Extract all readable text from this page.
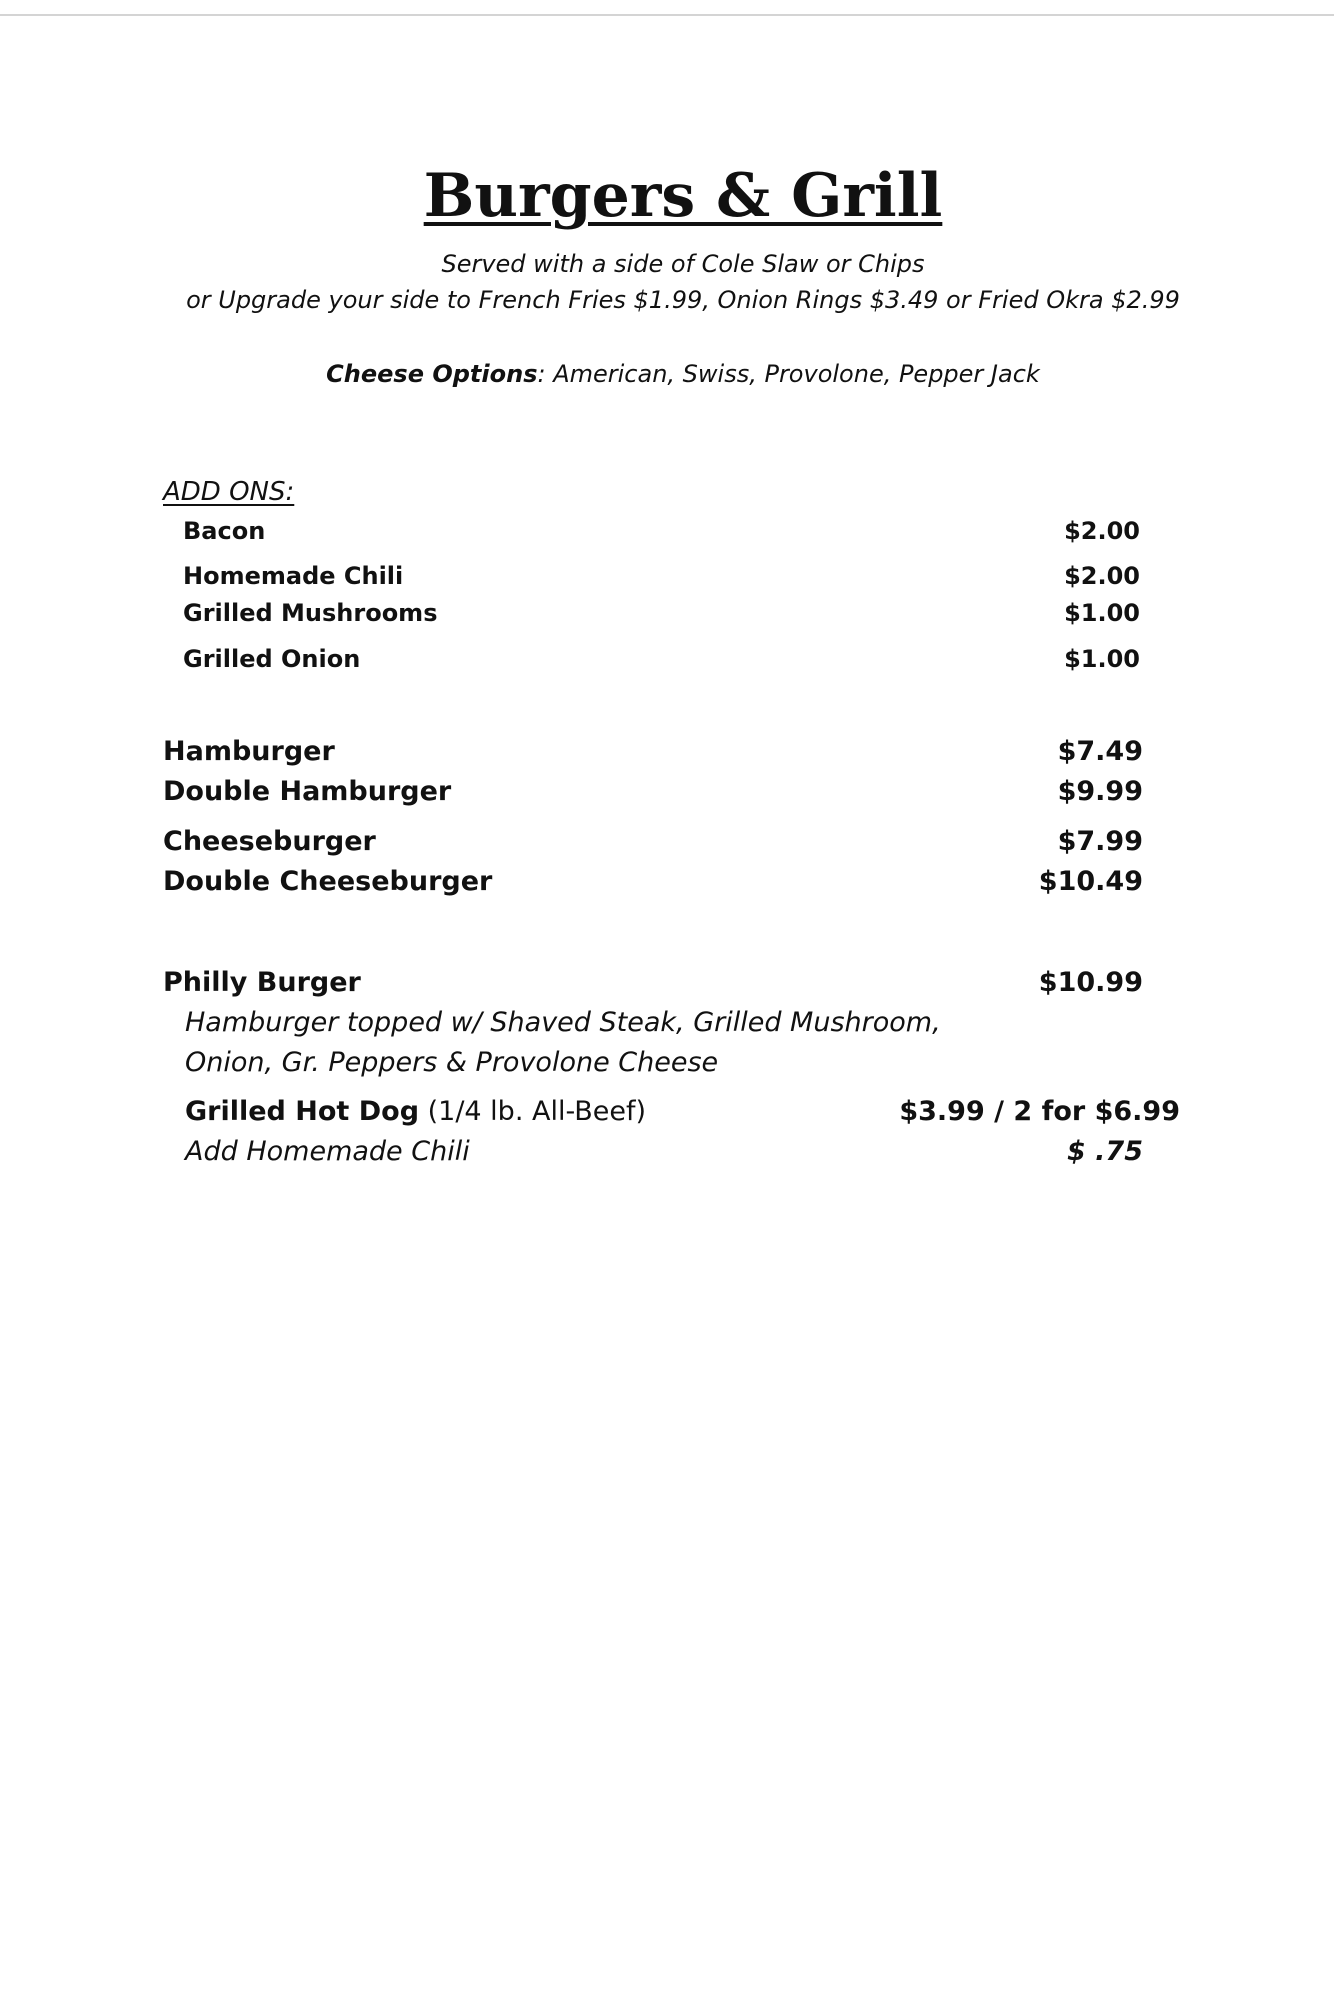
Burgers & Grill
Served with a side of Cole Slaw or Chips
or Upgrade your side to French Fries $1.99, Onion Rings $3.49 or Fried Okra $2.99
Cheese Options: American, Swiss, Provolone, Pepper Jack
ADD ONS:
Bacon	$2.00
Homemade Chili	$2.00
Grilled Mushrooms	$1.00
Grilled Onion	$1.00
Hamburger	$7.49
Double Hamburger	$9.99
Cheeseburger	$7.99
Double Cheeseburger	$10.49
Philly Burger	$10.99
Hamburger topped w/ Shaved Steak, Grilled Mushroom,
Onion, Gr. Peppers & Provolone Cheese
Grilled Hot Dog (1/4 lb. All-Beef)	$3.99 / 2 for $6.99
Add Homemade Chili	$ .75
